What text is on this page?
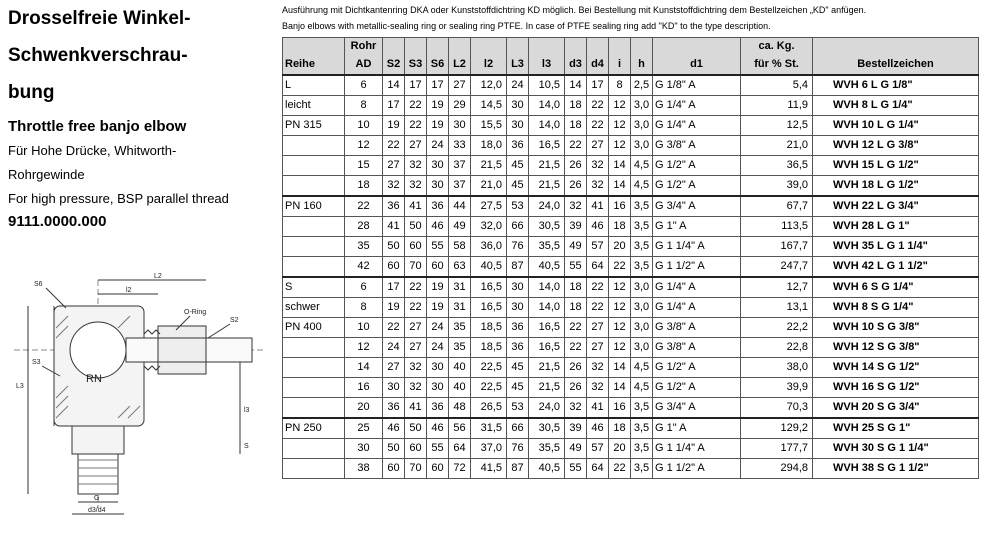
Drosselfreie Winkel-
Schwenkverschrau-
bung
Throttle free banjo elbow
Für Hohe Drücke, Whitworth-
Rohrgewinde
For high pressure, BSP parallel thread
9111.0000.000
S6
L2
l2
O-Ring
S2
S3
RN
L3
l3
S
G
d3/d4
Ausführung mit Dichtkantenring DKA oder Kunststoffdichtring KD möglich. Bei Bestellung mit Kunststoffdichtring dem Bestellzeichen „KD" anfügen.
Banjo elbows with metallic-sealing ring or sealing ring PTFE. In case of PTFE sealing ring add "KD" to the type description.
	Rohr													ca. Kg.	
Reihe	AD	S2	S3	S6	L2	l2	L3	l3	d3	d4	i	h	d1	für % St.	Bestellzeichen
L	6	14	17	17	27	12,0	24	10,5	14	17	8	2,5	G 1/8" A	5,4	WVH 6 L G 1/8"
leicht	8	17	22	19	29	14,5	30	14,0	18	22	12	3,0	G 1/4" A	11,9	WVH 8 L G 1/4"
PN 315	10	19	22	19	30	15,5	30	14,0	18	22	12	3,0	G 1/4" A	12,5	WVH 10 L G 1/4"
	12	22	27	24	33	18,0	36	16,5	22	27	12	3,0	G 3/8" A	21,0	WVH 12 L G 3/8"
	15	27	32	30	37	21,5	45	21,5	26	32	14	4,5	G 1/2" A	36,5	WVH 15 L G 1/2"
	18	32	32	30	37	21,0	45	21,5	26	32	14	4,5	G 1/2" A	39,0	WVH 18 L G 1/2"
PN 160	22	36	41	36	44	27,5	53	24,0	32	41	16	3,5	G 3/4" A	67,7	WVH 22 L G 3/4"
	28	41	50	46	49	32,0	66	30,5	39	46	18	3,5	G 1" A	113,5	WVH 28 L G 1"
	35	50	60	55	58	36,0	76	35,5	49	57	20	3,5	G 1 1/4" A	167,7	WVH 35 L G 1 1/4"
	42	60	70	60	63	40,5	87	40,5	55	64	22	3,5	G 1 1/2" A	247,7	WVH 42 L G 1 1/2"
S	6	17	22	19	31	16,5	30	14,0	18	22	12	3,0	G 1/4" A	12,7	WVH 6 S G 1/4"
schwer	8	19	22	19	31	16,5	30	14,0	18	22	12	3,0	G 1/4" A	13,1	WVH 8 S G 1/4"
PN 400	10	22	27	24	35	18,5	36	16,5	22	27	12	3,0	G 3/8" A	22,2	WVH 10 S G 3/8"
	12	24	27	24	35	18,5	36	16,5	22	27	12	3,0	G 3/8" A	22,8	WVH 12 S G 3/8"
	14	27	32	30	40	22,5	45	21,5	26	32	14	4,5	G 1/2" A	38,0	WVH 14 S G 1/2"
	16	30	32	30	40	22,5	45	21,5	26	32	14	4,5	G 1/2" A	39,9	WVH 16 S G 1/2"
	20	36	41	36	48	26,5	53	24,0	32	41	16	3,5	G 3/4" A	70,3	WVH 20 S G 3/4"
PN 250	25	46	50	46	56	31,5	66	30,5	39	46	18	3,5	G 1" A	129,2	WVH 25 S G 1"
	30	50	60	55	64	37,0	76	35,5	49	57	20	3,5	G 1 1/4" A	177,7	WVH 30 S G 1 1/4"
	38	60	70	60	72	41,5	87	40,5	55	64	22	3,5	G 1 1/2" A	294,8	WVH 38 S G 1 1/2"
